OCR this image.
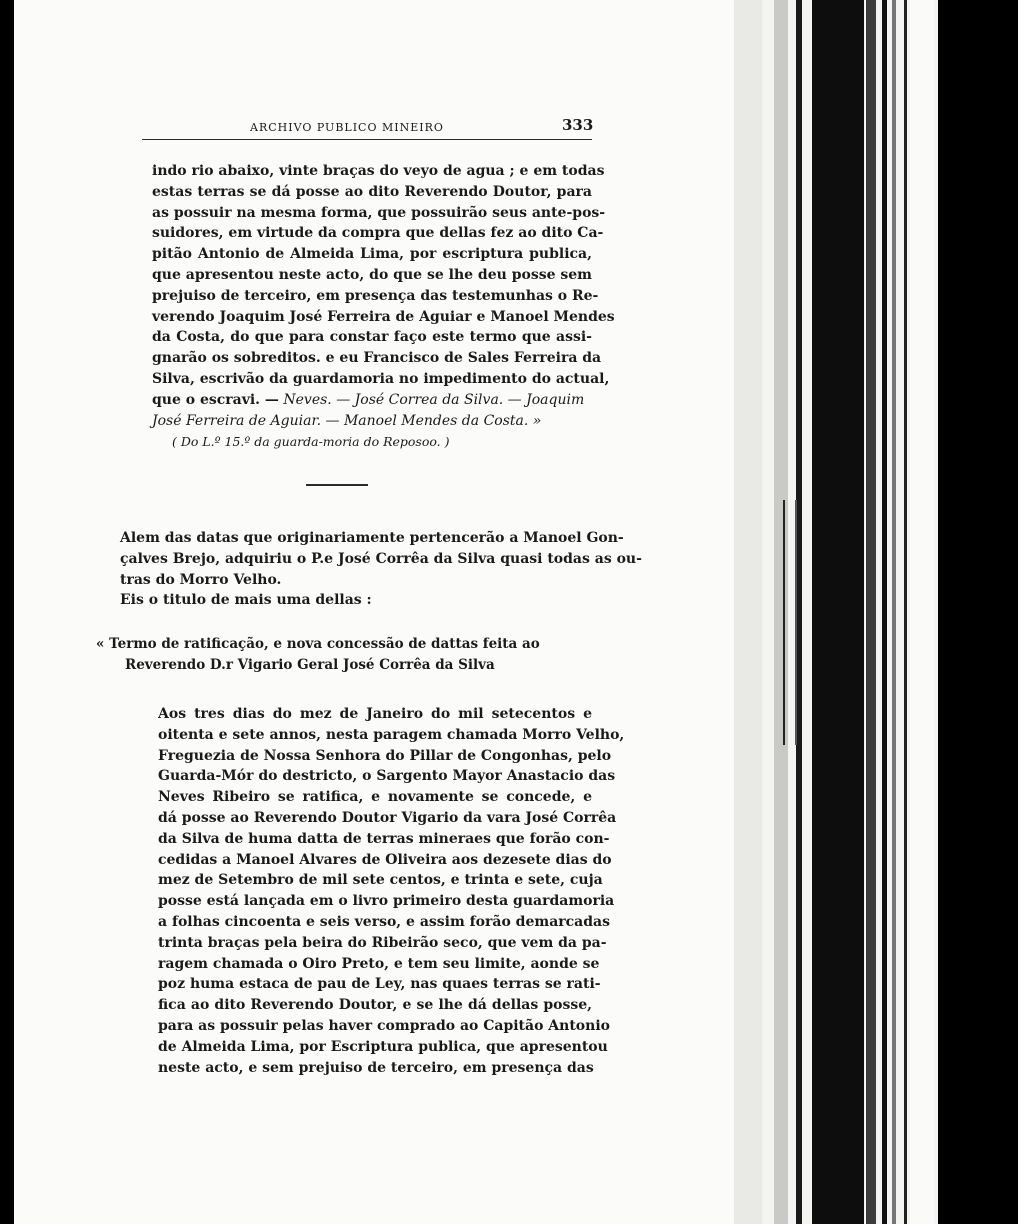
ARCHIVO PUBLICO MINEIRO	333
indo rio abaixo, vinte braças do veyo de agua ; e em todas
estas terras se dá posse ao dito Reverendo Doutor, para
as possuir na mesma forma, que possuirão seus ante-pos-
suidores, em virtude da compra que dellas fez ao dito Ca-
pitão Antonio de Almeida Lima, por escriptura publica,
que apresentou neste acto, do que se lhe deu posse sem
prejuiso de terceiro, em presença das testemunhas o Re-
verendo Joaquim José Ferreira de Aguiar e Manoel Mendes
da Costa, do que para constar faço este termo que assi-
gnarão os sobreditos. e eu Francisco de Sales Ferreira da
Silva, escrivão da guardamoria no impedimento do actual,
que o escravi. — Neves. — José Correa da Silva. — Joaquim
José Ferreira de Aguiar. — Manoel Mendes da Costa. »
( Do L.º 15.º da guarda-moria do Reposoo. )
Alem das datas que originariamente pertencerão a Manoel Gon-
çalves Brejo, adquiriu o P.e José Corrêa da Silva quasi todas as ou-
tras do Morro Velho.
Eis o titulo de mais uma dellas :
« Termo de ratificação, e nova concessão de dattas feita ao
Reverendo D.r Vigario Geral José Corrêa da Silva
Aos tres dias do mez de Janeiro do mil setecentos e
oitenta e sete annos, nesta paragem chamada Morro Velho,
Freguezia de Nossa Senhora do Pillar de Congonhas, pelo
Guarda-Mór do destricto, o Sargento Mayor Anastacio das
Neves Ribeiro se ratifica, e novamente se concede, e
dá posse ao Reverendo Doutor Vigario da vara José Corrêa
da Silva de huma datta de terras mineraes que forão con-
cedidas a Manoel Alvares de Oliveira aos dezesete dias do
mez de Setembro de mil sete centos, e trinta e sete, cuja
posse está lançada em o livro primeiro desta guardamoria
a folhas cincoenta e seis verso, e assim forão demarcadas
trinta braças pela beira do Ribeirão seco, que vem da pa-
ragem chamada o Oiro Preto, e tem seu limite, aonde se
poz huma estaca de pau de Ley, nas quaes terras se rati-
fica ao dito Reverendo Doutor, e se lhe dá dellas posse,
para as possuir pelas haver comprado ao Capitão Antonio
de Almeida Lima, por Escriptura publica, que apresentou
neste acto, e sem prejuiso de terceiro, em presença das
